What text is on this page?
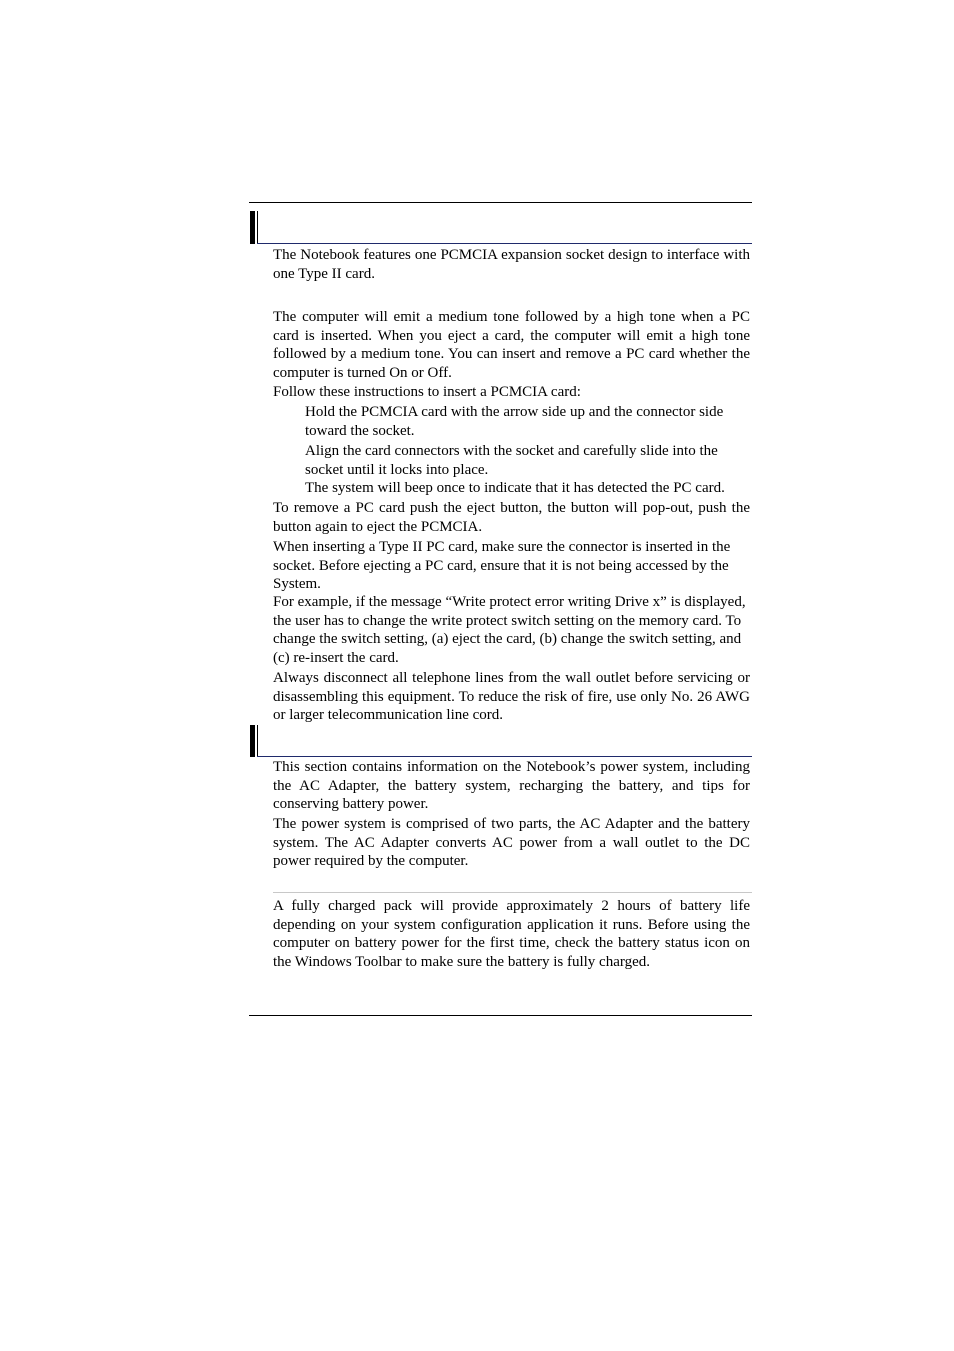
The Notebook features one PCMCIA expansion socket design to interface with one Type II card.

The computer will emit a medium tone followed by a high tone when a PC card is inserted. When you eject a card, the computer will emit a high tone followed by a medium tone. You can insert and remove a PC card whether the computer is turned On or Off.

Follow these instructions to insert a PCMCIA card:

Hold the PCMCIA card with the arrow side up and the connector side toward the socket.

Align the card connectors with the socket and carefully slide into the socket until it locks into place.

The system will beep once to indicate that it has detected the PC card.

To remove a PC card push the eject button, the button will pop-out, push the button again to eject the PCMCIA.

When inserting a Type II PC card, make sure the connector is inserted in the socket. Before ejecting a PC card, ensure that it is not being accessed by the System.

For example, if the message “Write protect error writing Drive x” is displayed, the user has to change the write protect switch setting on the memory card. To change the switch setting, (a) eject the card, (b) change the switch setting, and (c) re-insert the card.

Always disconnect all telephone lines from the wall outlet before servicing or disassembling this equipment. To reduce the risk of fire, use only No. 26 AWG or larger telecommunication line cord.

This section contains information on the Notebook’s power system, including the AC Adapter, the battery system, recharging the battery, and tips for conserving battery power.

The power system is comprised of two parts, the AC Adapter and the battery system. The AC Adapter converts AC power from a wall outlet to the DC power required by the computer.

A fully charged pack will provide approximately 2 hours of battery life depending on your system configuration application it runs. Before using the computer on battery power for the first time, check the battery status icon on the Windows Toolbar to make sure the battery is fully charged.
